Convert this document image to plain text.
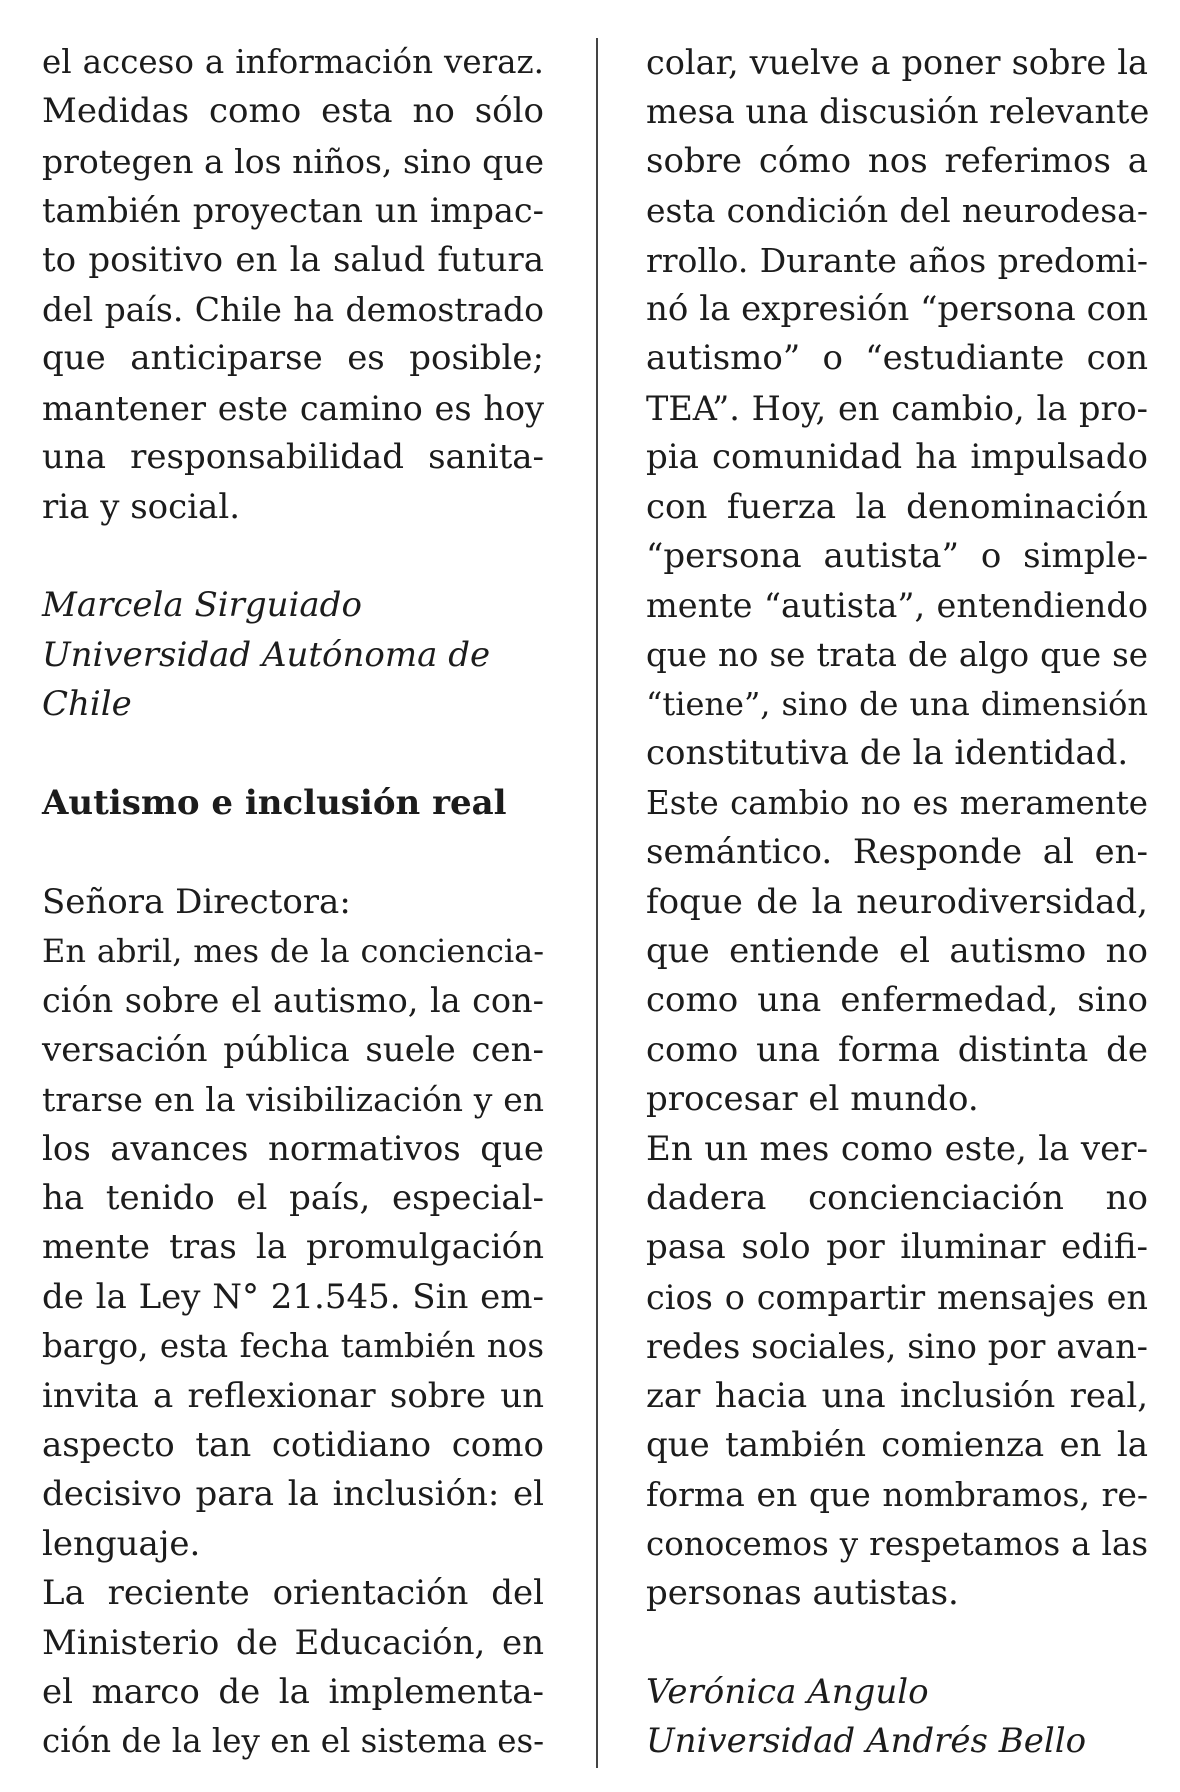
el acceso a información veraz.
Medidas como esta no sólo
protegen a los niños, sino que
también proyectan un impac-
to positivo en la salud futura
del país. Chile ha demostrado
que anticiparse es posible;
mantener este camino es hoy
una responsabilidad sanita-
ria y social.
Marcela Sirguiado
Universidad Autónoma de
Chile
Autismo e inclusión real
Señora Directora:
En abril, mes de la conciencia-
ción sobre el autismo, la con-
versación pública suele cen-
trarse en la visibilización y en
los avances normativos que
ha tenido el país, especial-
mente tras la promulgación
de la Ley N° 21.545. Sin em-
bargo, esta fecha también nos
invita a reflexionar sobre un
aspecto tan cotidiano como
decisivo para la inclusión: el
lenguaje.
La reciente orientación del
Ministerio de Educación, en
el marco de la implementa-
ción de la ley en el sistema es-
colar, vuelve a poner sobre la
mesa una discusión relevante
sobre cómo nos referimos a
esta condición del neurodesa-
rrollo. Durante años predomi-
nó la expresión “persona con
autismo” o “estudiante con
TEA”. Hoy, en cambio, la pro-
pia comunidad ha impulsado
con fuerza la denominación
“persona autista” o simple-
mente “autista”, entendiendo
que no se trata de algo que se
“tiene”, sino de una dimensión
constitutiva de la identidad.
Este cambio no es meramente
semántico. Responde al en-
foque de la neurodiversidad,
que entiende el autismo no
como una enfermedad, sino
como una forma distinta de
procesar el mundo.
En un mes como este, la ver-
dadera concienciación no
pasa solo por iluminar edifi-
cios o compartir mensajes en
redes sociales, sino por avan-
zar hacia una inclusión real,
que también comienza en la
forma en que nombramos, re-
conocemos y respetamos a las
personas autistas.
Verónica Angulo
Universidad Andrés Bello
